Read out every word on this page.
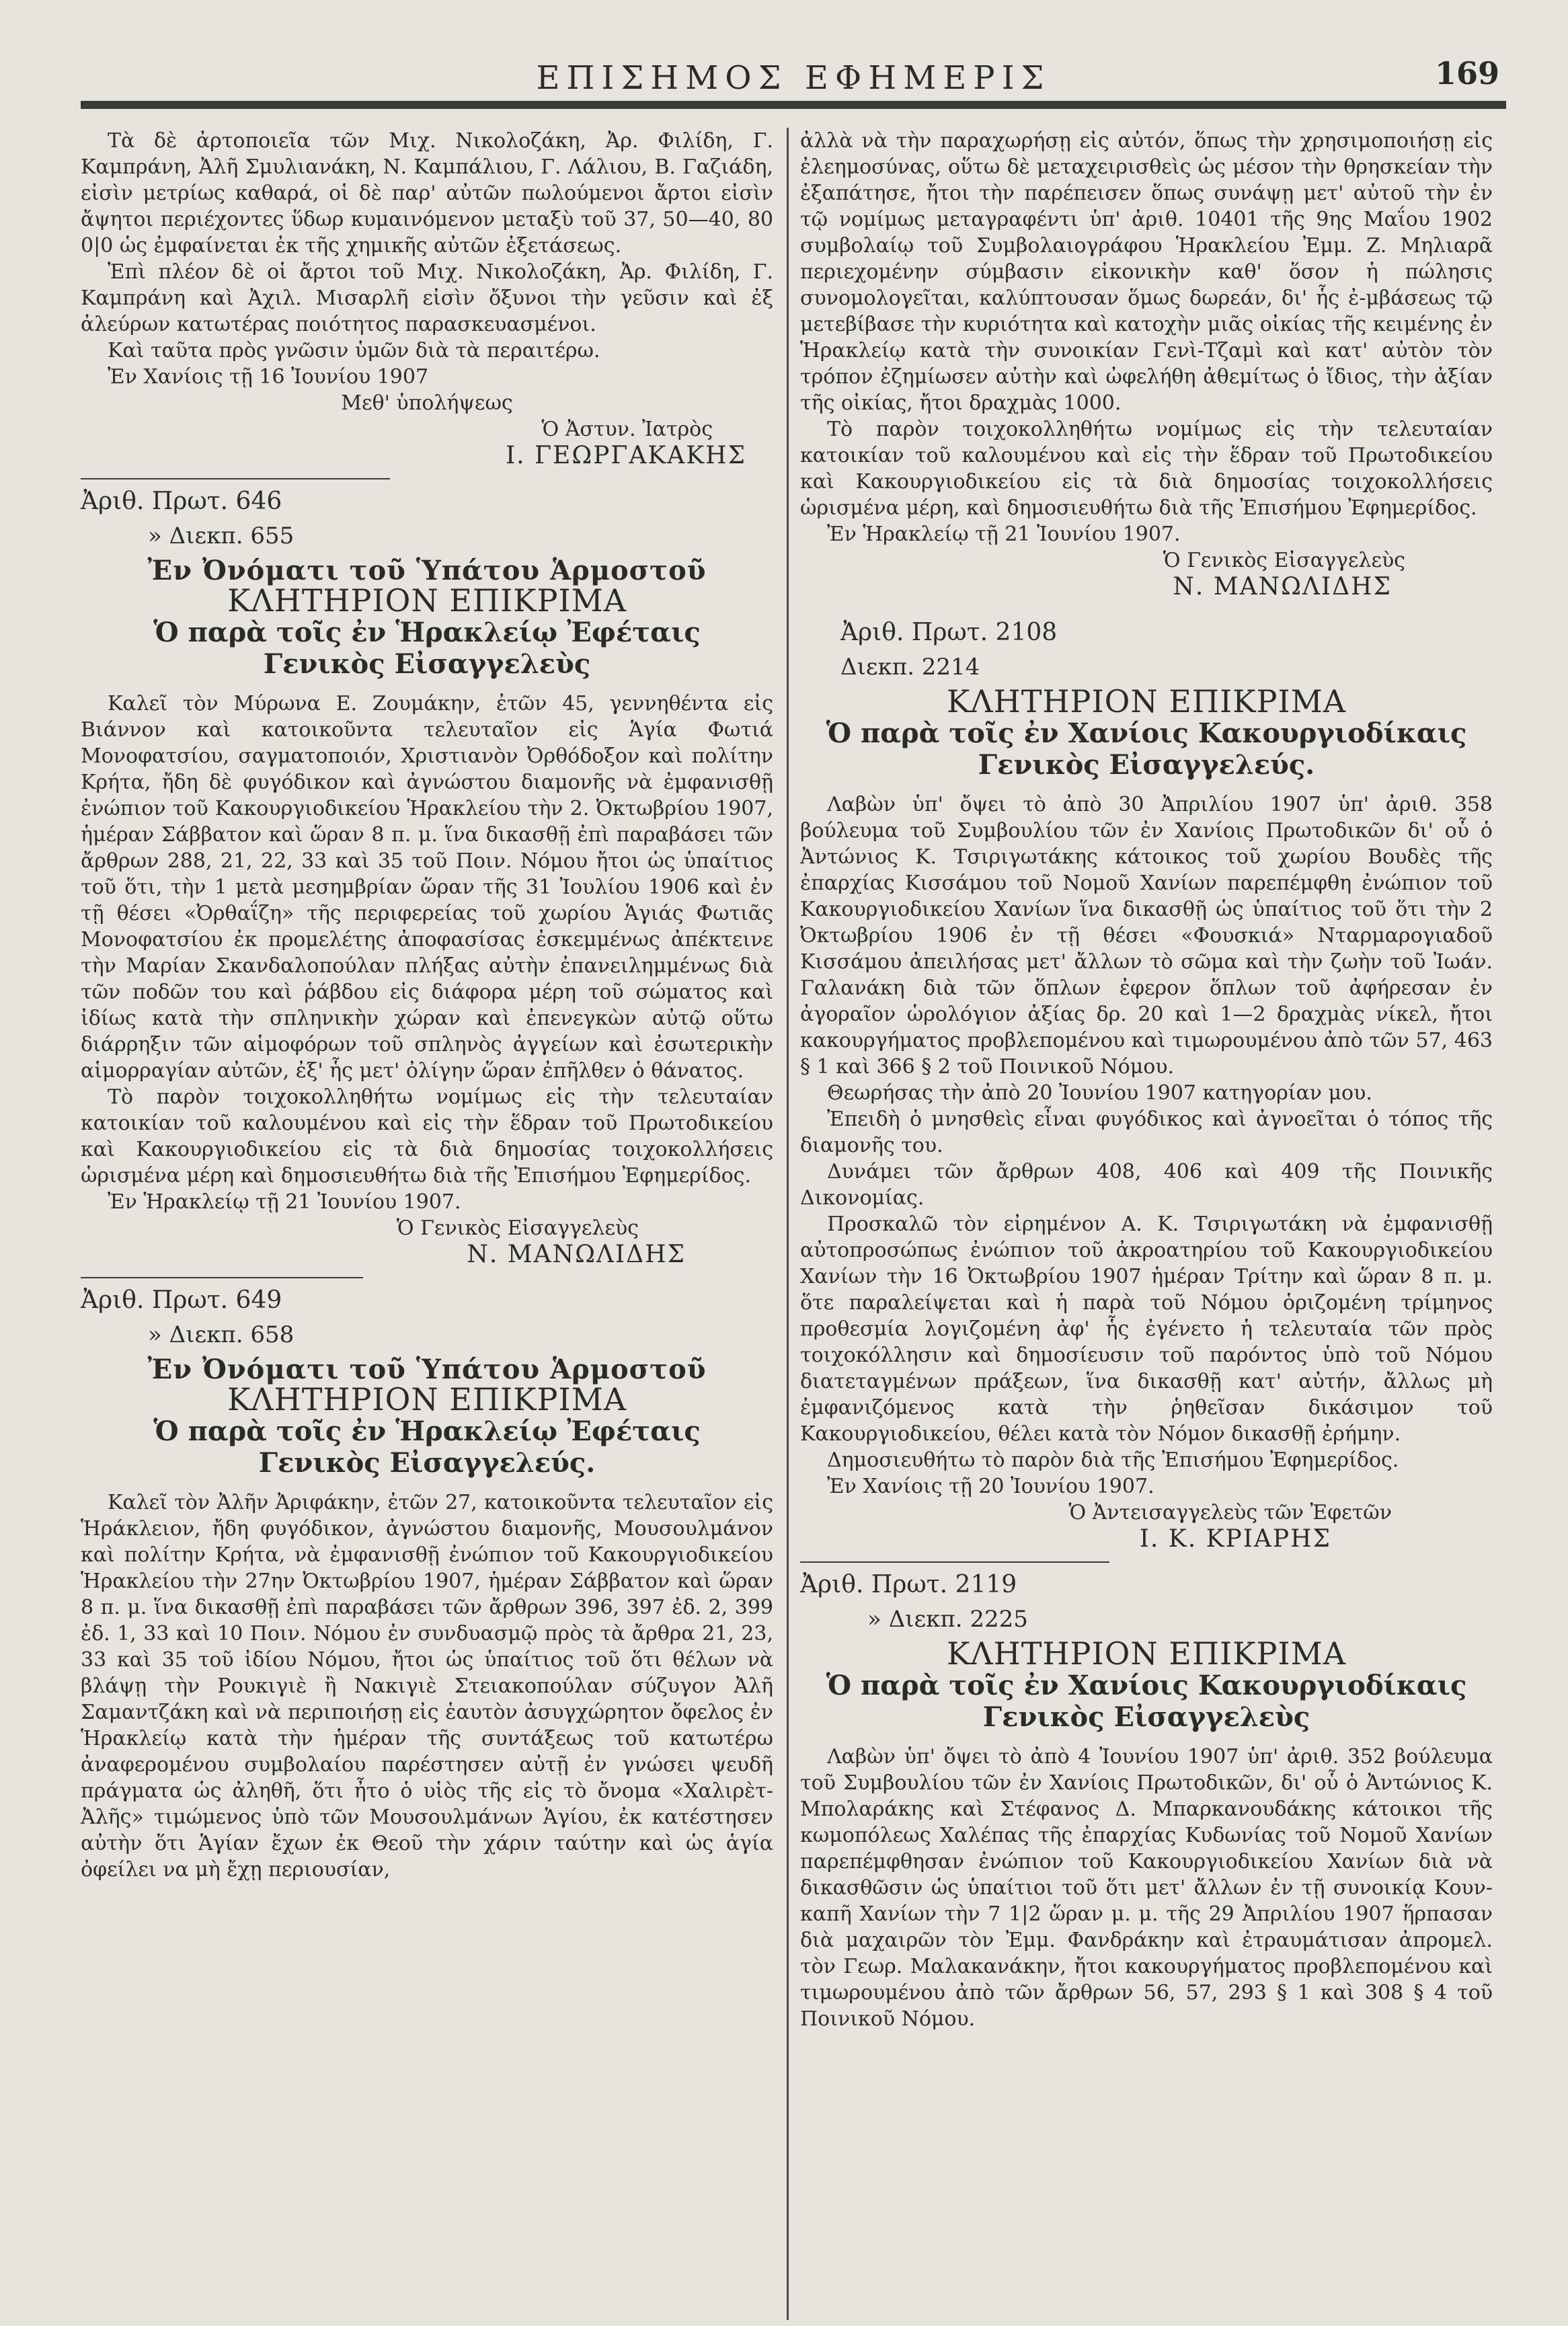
ΕΠΙΣΗΜΟΣ ΕΦΗΜΕΡΙΣ	169

Τὰ δὲ ἀρτοποιεῖα τῶν Μιχ. Νικολοζάκη, Ἀρ. Φιλίδη, Γ. Καμπράνη, Ἀλῆ Σμυλιανάκη, Ν. Καμπάλιου, Γ. Λάλιου, Β. Γαζιάδη, εἰσὶν μετρίως καθαρά, οἱ δὲ παρ' αὐτῶν πωλούμενοι ἄρτοι εἰσὶν ἄψητοι περιέχοντες ὕδωρ κυμαινόμενον μεταξὺ τοῦ 37, 50—40, 80 0|0 ὡς ἐμφαίνεται ἐκ τῆς χημικῆς αὐτῶν ἐξετάσεως.

Ἐπὶ πλέον δὲ οἱ ἄρτοι τοῦ Μιχ. Νικολοζάκη, Ἀρ. Φιλίδη, Γ. Καμπράνη καὶ Ἀχιλ. Μισαρλῆ εἰσὶν ὄξυνοι τὴν γεῦσιν καὶ ἐξ ἀλεύρων κατωτέρας ποιότητος παρασκευασμένοι.

Καὶ ταῦτα πρὸς γνῶσιν ὑμῶν διὰ τὰ περαιτέρω.

Ἐν Χανίοις τῇ 16 Ἰουνίου 1907

Μεθ' ὑπολήψεως

Ὁ Ἀστυν. Ἰατρὸς

Ι. ΓΕΩΡΓΑΚΑΚΗΣ

Ἀριθ. Πρωτ. 646

» Διεκπ. 655

Ἐν Ὀνόματι τοῦ Ὑπάτου Ἁρμοστοῦ

ΚΛΗΤΗΡΙΟΝ ΕΠΙΚΡΙΜΑ

Ὁ παρὰ τοῖς ἐν Ἡρακλείῳ Ἐφέταις

Γενικὸς Εἰσαγγελεὺς

Καλεῖ τὸν Μύρωνα Ε. Ζουμάκην, ἐτῶν 45, γεννηθέντα εἰς Βιάννον καὶ κατοικοῦντα τελευταῖον εἰς Ἁγία Φωτιά Μονοφατσίου, σαγματοποιόν, Χριστιανὸν Ὀρθόδοξον καὶ πολίτην Κρήτα, ἤδη δὲ φυγόδικον καὶ ἀγνώστου διαμονῆς νὰ ἐμφανισθῇ ἐνώπιον τοῦ Κακουργιοδικείου Ἡρακλείου τὴν 2. Ὀκτωβρίου 1907, ἡμέραν Σάββατον καὶ ὥραν 8 π. μ. ἵνα δικασθῇ ἐπὶ παραβάσει τῶν ἄρθρων 288, 21, 22, 33 καὶ 35 τοῦ Ποιν. Νόμου ἤτοι ὡς ὑπαίτιος τοῦ ὅτι, τὴν 1 μετὰ μεσημβρίαν ὥραν τῆς 31 Ἰουλίου 1906 καὶ ἐν τῇ θέσει «Ὀρθαΐζη» τῆς περιφερείας τοῦ χωρίου Ἁγιάς Φωτιᾶς Μονοφατσίου ἐκ προμελέτης ἀποφασίσας ἐσκεμμένως ἀπέκτεινε τὴν Μαρίαν Σκανδαλοπούλαν πλήξας αὐτὴν ἐπανειλημμένως διὰ τῶν ποδῶν του καὶ ῥάβδου εἰς διάφορα μέρη τοῦ σώματος καὶ ἰδίως κατὰ τὴν σπληνικὴν χώραν καὶ ἐπενεγκὼν αὐτῷ οὕτω διάρρηξιν τῶν αἱμοφόρων τοῦ σπληνὸς ἀγγείων καὶ ἐσωτερικὴν αἱμορραγίαν αὐτῶν, ἐξ' ἧς μετ' ὀλίγην ὥραν ἐπῆλθεν ὁ θάνατος.

Τὸ παρὸν τοιχοκολληθήτω νομίμως εἰς τὴν τελευταίαν κατοικίαν τοῦ καλουμένου καὶ εἰς τὴν ἕδραν τοῦ Πρωτοδικείου καὶ Κακουργιοδικείου εἰς τὰ διὰ δημοσίας τοιχοκολλήσεις ὡρισμένα μέρη καὶ δημοσιευθήτω διὰ τῆς Ἐπισήμου Ἐφημερίδος.

Ἐν Ἡρακλείῳ τῇ 21 Ἰουνίου 1907.

Ὁ Γενικὸς Εἰσαγγελεὺς

Ν. ΜΑΝΩΛΙΔΗΣ

Ἀριθ. Πρωτ. 649

» Διεκπ. 658

Ἐν Ὀνόματι τοῦ Ὑπάτου Ἁρμοστοῦ

ΚΛΗΤΗΡΙΟΝ ΕΠΙΚΡΙΜΑ

Ὁ παρὰ τοῖς ἐν Ἡρακλείῳ Ἐφέταις

Γενικὸς Εἰσαγγελεύς.

Καλεῖ τὸν Ἀλῆν Ἀριφάκην, ἐτῶν 27, κατοικοῦντα τελευταῖον εἰς Ἡράκλειον, ἤδη φυγόδικον, ἀγνώστου διαμονῆς, Μουσουλμάνον καὶ πολίτην Κρήτα, νὰ ἐμφανισθῇ ἐνώπιον τοῦ Κακουργιοδικείου Ἡρακλείου τὴν 27ην Ὀκτωβρίου 1907, ἡμέραν Σάββατον καὶ ὥραν 8 π. μ. ἵνα δικασθῇ ἐπὶ παραβάσει τῶν ἄρθρων 396, 397 ἐδ. 2, 399 ἐδ. 1, 33 καὶ 10 Ποιν. Νόμου ἐν συνδυασμῷ πρὸς τὰ ἄρθρα 21, 23, 33 καὶ 35 τοῦ ἰδίου Νόμου, ἤτοι ὡς ὑπαίτιος τοῦ ὅτι θέλων νὰ βλάψῃ τὴν Ρουκιγιὲ ἢ Νακιγιὲ Στειακοπούλαν σύζυγον Ἀλῆ Σαμαντζάκη καὶ νὰ περιποιήσῃ εἰς ἑαυτὸν ἀσυγχώρητον ὄφελος ἐν Ἡρακλείῳ κατὰ τὴν ἡμέραν τῆς συντάξεως τοῦ κατωτέρω ἀναφερομένου συμβολαίου παρέστησεν αὐτῇ ἐν γνώσει ψευδῆ πράγματα ὡς ἀληθῆ, ὅτι ἦτο ὁ υἱὸς τῆς εἰς τὸ ὄνομα «Χαλιρὲτ-Ἀλῆς» τιμώμενος ὑπὸ τῶν Μουσουλμάνων Ἁγίου, ἐκ κατέστησεν αὐτὴν ὅτι Ἁγίαν ἔχων ἐκ Θεοῦ τὴν χάριν ταύτην καὶ ὡς ἁγία ὀφείλει να μὴ ἔχῃ περιουσίαν,

ἀλλὰ νὰ τὴν παραχωρήσῃ εἰς αὐτόν, ὅπως τὴν χρησιμοποιήσῃ εἰς ἐλεημοσύνας, οὕτω δὲ μεταχειρισθεὶς ὡς μέσον τὴν θρησκείαν τὴν ἐξαπάτησε, ἤτοι τὴν παρέπεισεν ὅπως συνάψῃ μετ' αὐτοῦ τὴν ἐν τῷ νομίμως μεταγραφέντι ὑπ' ἀριθ. 10401 τῆς 9ης Μαΐου 1902 συμβολαίῳ τοῦ Συμβολαιογράφου Ἡρακλείου Ἐμμ. Ζ. Μηλιαρᾶ περιεχομένην σύμβασιν εἰκονικὴν καθ' ὅσον ἡ πώλησις συνομολογεῖται, καλύπτουσαν ὅμως δωρεάν, δι' ἧς ἐ-μβάσεως τῷ μετεβίβασε τὴν κυριότητα καὶ κατοχὴν μιᾶς οἰκίας τῆς κειμένης ἐν Ἡρακλείῳ κατὰ τὴν συνοικίαν Γενὶ-Τζαμὶ καὶ κατ' αὐτὸν τὸν τρόπον ἐζημίωσεν αὐτὴν καὶ ὠφελήθη ἀθεμίτως ὁ ἴδιος, τὴν ἀξίαν τῆς οἰκίας, ἤτοι δραχμὰς 1000.

Τὸ παρὸν τοιχοκολληθήτω νομίμως εἰς τὴν τελευταίαν κατοικίαν τοῦ καλουμένου καὶ εἰς τὴν ἕδραν τοῦ Πρωτοδικείου καὶ Κακουργιοδικείου εἰς τὰ διὰ δημοσίας τοιχοκολλήσεις ὡρισμένα μέρη, καὶ δημοσιευθήτω διὰ τῆς Ἐπισήμου Ἐφημερίδος.

Ἐν Ἡρακλείῳ τῇ 21 Ἰουνίου 1907.

Ὁ Γενικὸς Εἰσαγγελεὺς

Ν. ΜΑΝΩΛΙΔΗΣ

Ἀριθ. Πρωτ. 2108

Διεκπ. 2214

ΚΛΗΤΗΡΙΟΝ ΕΠΙΚΡΙΜΑ

Ὁ παρὰ τοῖς ἐν Χανίοις Κακουργιοδίκαις

Γενικὸς Εἰσαγγελεύς.

Λαβὼν ὑπ' ὄψει τὸ ἀπὸ 30 Ἀπριλίου 1907 ὑπ' ἀριθ. 358 βούλευμα τοῦ Συμβουλίου τῶν ἐν Χανίοις Πρωτοδικῶν δι' οὗ ὁ Ἀντώνιος Κ. Τσιριγωτάκης κάτοικος τοῦ χωρίου Βουδὲς τῆς ἐπαρχίας Κισσάμου τοῦ Νομοῦ Χανίων παρεπέμφθη ἐνώπιον τοῦ Κακουργιοδικείου Χανίων ἵνα δικασθῇ ὡς ὑπαίτιος τοῦ ὅτι τὴν 2 Ὀκτωβρίου 1906 ἐν τῇ θέσει «Φουσκιά» Νταρμαρογιαδοῦ Κισσάμου ἀπειλήσας μετ' ἄλλων τὸ σῶμα καὶ τὴν ζωὴν τοῦ Ἰωάν. Γαλανάκη διὰ τῶν ὅπλων ἐφερον ὅπλων τοῦ ἀφήρεσαν ἐν ἀγοραῖον ὡρολόγιον ἀξίας δρ. 20 καὶ 1—2 δραχμὰς νίκελ, ἤτοι κακουργήματος προβλεπομένου καὶ τιμωρουμένου ἀπὸ τῶν 57, 463 § 1 καὶ 366 § 2 τοῦ Ποινικοῦ Νόμου.

Θεωρήσας τὴν ἀπὸ 20 Ἰουνίου 1907 κατηγορίαν μου.

Ἐπειδὴ ὁ μνησθεὶς εἶναι φυγόδικος καὶ ἀγνοεῖται ὁ τόπος τῆς διαμονῆς του.

Δυνάμει τῶν ἄρθρων 408, 406 καὶ 409 τῆς Ποινικῆς Δικονομίας.

Προσκαλῶ τὸν εἰρημένον Α. Κ. Τσιριγωτάκη νὰ ἐμφανισθῇ αὐτοπροσώπως ἐνώπιον τοῦ ἀκροατηρίου τοῦ Κακουργιοδικείου Χανίων τὴν 16 Ὀκτωβρίου 1907 ἡμέραν Τρίτην καὶ ὥραν 8 π. μ. ὅτε παραλείψεται καὶ ἡ παρὰ τοῦ Νόμου ὁριζομένη τρίμηνος προθεσμία λογιζομένη ἀφ' ἧς ἐγένετο ἡ τελευταία τῶν πρὸς τοιχοκόλλησιν καὶ δημοσίευσιν τοῦ παρόντος ὑπὸ τοῦ Νόμου διατεταγμένων πράξεων, ἵνα δικασθῇ κατ' αὐτήν, ἄλλως μὴ ἐμφανιζόμενος κατὰ τὴν ῥηθεῖσαν δικάσιμον τοῦ Κακουργιοδικείου, θέλει κατὰ τὸν Νόμον δικασθῇ ἐρήμην.

Δημοσιευθήτω τὸ παρὸν διὰ τῆς Ἐπισήμου Ἐφημερίδος.

Ἐν Χανίοις τῇ 20 Ἰουνίου 1907.

Ὁ Ἀντεισαγγελεὺς τῶν Ἐφετῶν

Ι. Κ. ΚΡΙΑΡΗΣ

Ἀριθ. Πρωτ. 2119

» Διεκπ. 2225

ΚΛΗΤΗΡΙΟΝ ΕΠΙΚΡΙΜΑ

Ὁ παρὰ τοῖς ἐν Χανίοις Κακουργιοδίκαις

Γενικὸς Εἰσαγγελεὺς

Λαβὼν ὑπ' ὄψει τὸ ἀπὸ 4 Ἰουνίου 1907 ὑπ' ἀριθ. 352 βούλευμα τοῦ Συμβουλίου τῶν ἐν Χανίοις Πρωτοδικῶν, δι' οὗ ὁ Ἀντώνιος Κ. Μπολαράκης καὶ Στέφανος Δ. Μπαρκανουδάκης κάτοικοι τῆς κωμοπόλεως Χαλέπας τῆς ἐπαρχίας Κυδωνίας τοῦ Νομοῦ Χανίων παρεπέμφθησαν ἐνώπιον τοῦ Κακουργιοδικείου Χανίων διὰ νὰ δικασθῶσιν ὡς ὑπαίτιοι τοῦ ὅτι μετ' ἄλλων ἐν τῇ συνοικίᾳ Κουν-καπῆ Χανίων τὴν 7 1|2 ὥραν μ. μ. τῆς 29 Ἀπριλίου 1907 ἥρπασαν διὰ μαχαιρῶν τὸν Ἐμμ. Φανδράκην καὶ ἐτραυμάτισαν ἀπρομελ. τὸν Γεωρ. Μαλακανάκην, ἤτοι κακουργήματος προβλεπομένου καὶ τιμωρουμένου ἀπὸ τῶν ἄρθρων 56, 57, 293 § 1 καὶ 308 § 4 τοῦ Ποινικοῦ Νόμου.
